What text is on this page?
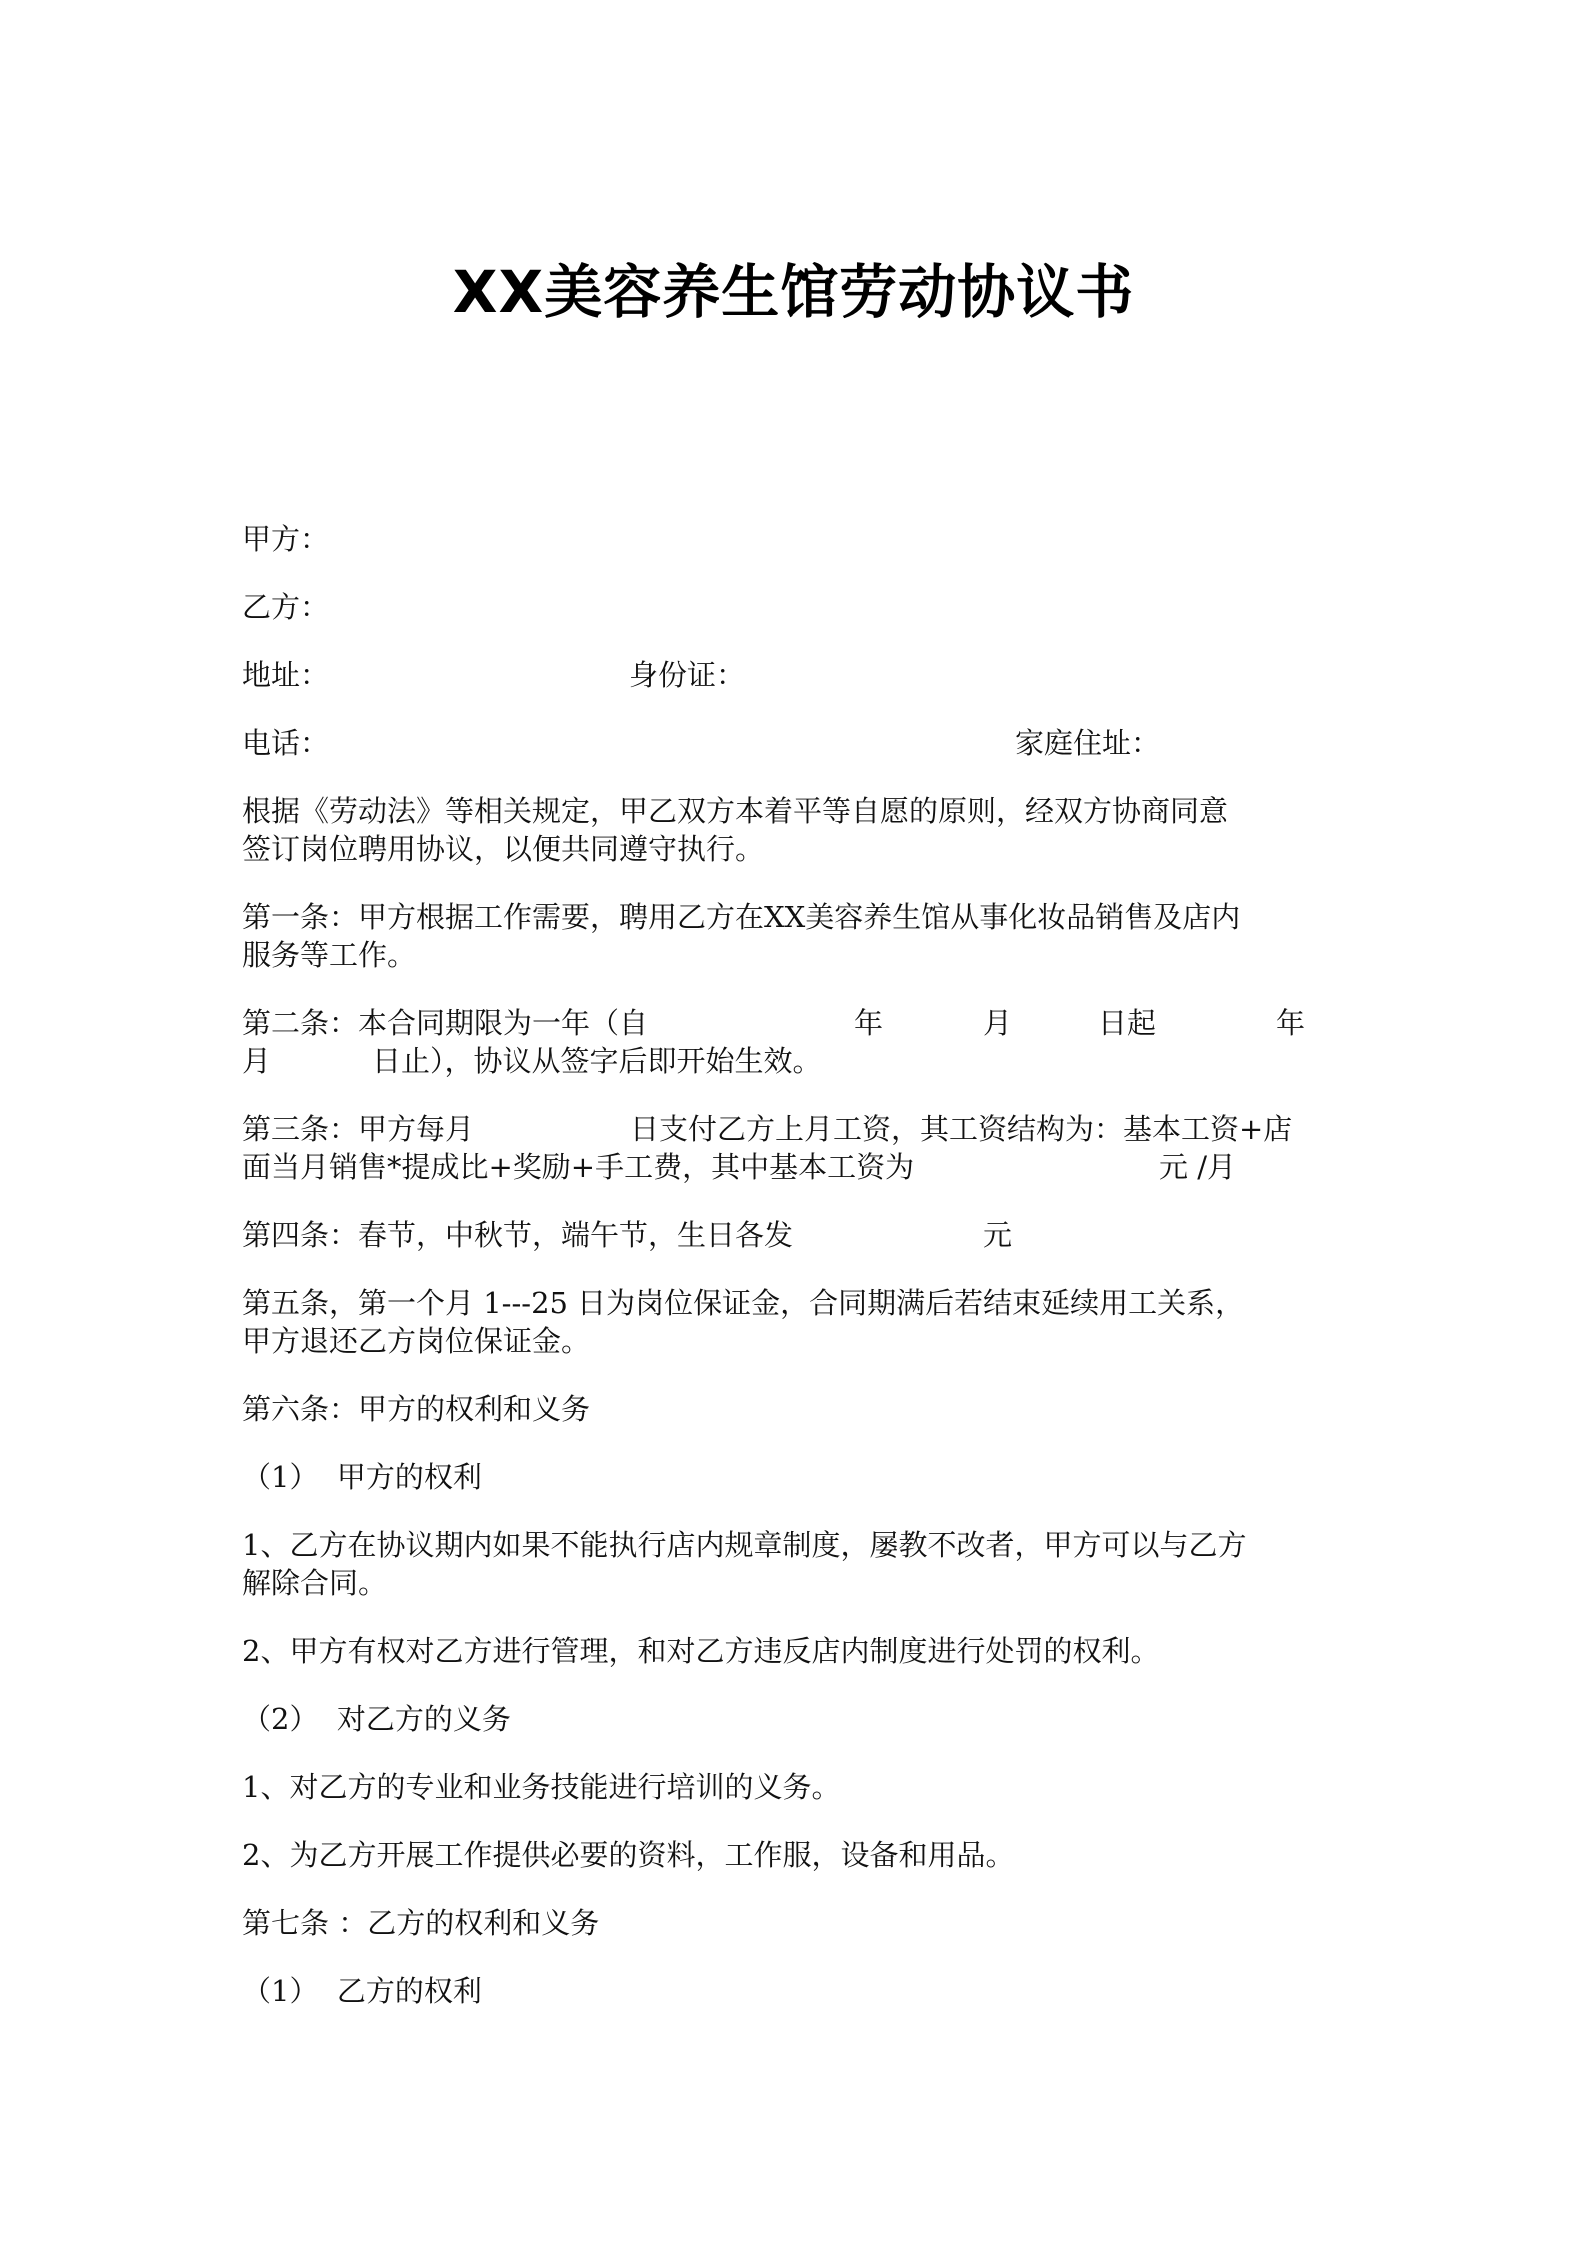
XX美容养生馆劳动协议书
甲方：
乙方：
地址：	身份证：
电话：	家庭住址：
根据《劳动法》等相关规定，甲乙双方本着平等自愿的原则，经双方协商同意
签订岗位聘用协议，以便共同遵守执行。
第一条：甲方根据工作需要，聘用乙方在XX美容养生馆从事化妆品销售及店内
服务等工作。
第二条：本合同期限为一年（自	年	月	日起	年
月	日止），协议从签字后即开始生效。
第三条：甲方每月	日支付乙方上月工资，其工资结构为：基本工资+店
面当月销售*提成比+奖励+手工费，其中基本工资为	元 /月
第四条：春节，中秋节，端午节，生日各发	元
第五条，第一个月 1---25 日为岗位保证金，合同期满后若结束延续用工关系，
甲方退还乙方岗位保证金。
第六条：甲方的权利和义务
（1）  甲方的权利
1、乙方在协议期内如果不能执行店内规章制度，屡教不改者，甲方可以与乙方
解除合同。
2、甲方有权对乙方进行管理，和对乙方违反店内制度进行处罚的权利。
（2）  对乙方的义务
1、对乙方的专业和业务技能进行培训的义务。
2、为乙方开展工作提供必要的资料，工作服，设备和用品。
第七条 ：乙方的权利和义务
（1）  乙方的权利
